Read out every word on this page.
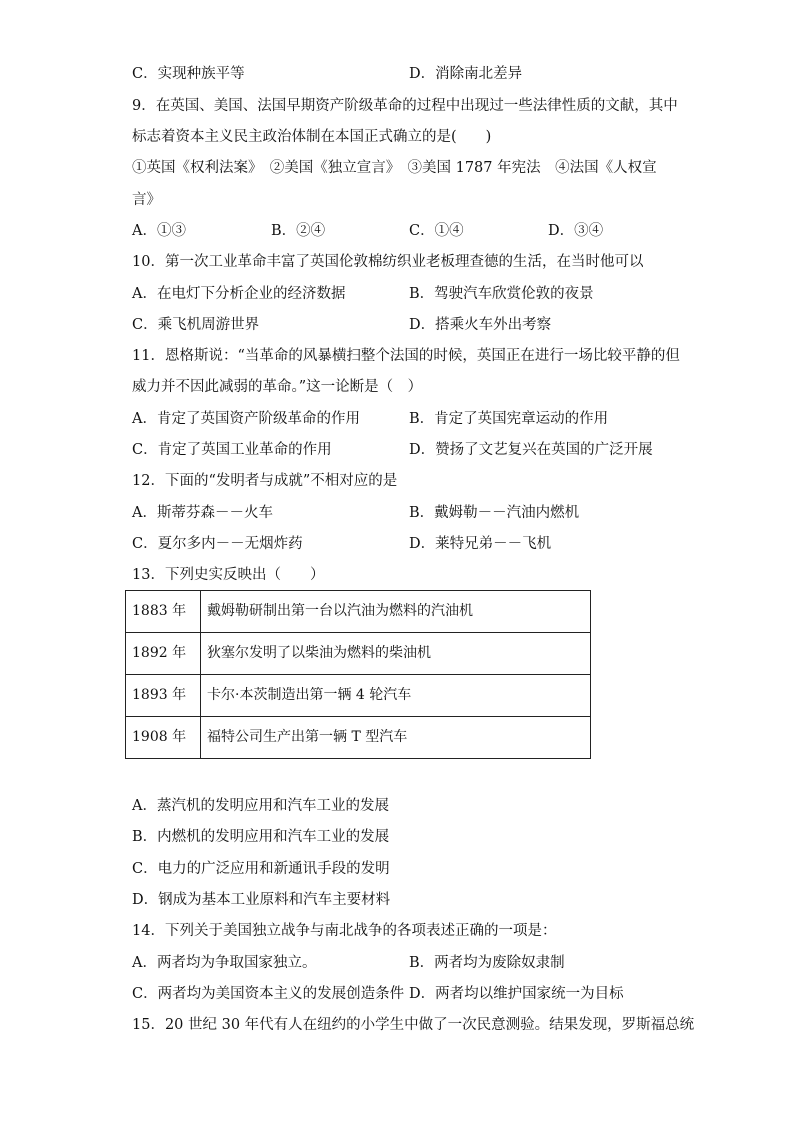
C．实现种族平等	D．消除南北差异
9．在英国、美国、法国早期资产阶级革命的过程中出现过一些法律性质的文献，其中
标志着资本主义民主政治体制在本国正式确立的是(　　)
①英国《权利法案》　②美国《独立宣言》　③美国 1787 年宪法　④法国《人权宣
言》
A．①③	B．②④	C．①④	D．③④
10．第一次工业革命丰富了英国伦敦棉纺织业老板理查德的生活，在当时他可以
A．在电灯下分析企业的经济数据	B．驾驶汽车欣赏伦敦的夜景
C．乘飞机周游世界	D．搭乘火车外出考察
11．恩格斯说：“当革命的风暴横扫整个法国的时候，英国正在进行一场比较平静的但
威力并不因此减弱的革命。”这一论断是（　）
A．肯定了英国资产阶级革命的作用	B．肯定了英国宪章运动的作用
C．肯定了英国工业革命的作用	D．赞扬了文艺复兴在英国的广泛开展
12．下面的“发明者与成就”不相对应的是
A．斯蒂芬森－－火车	B．戴姆勒－－汽油内燃机
C．夏尔多内－－无烟炸药	D．莱特兄弟－－飞机
13．下列史实反映出（　　）
1883 年	戴姆勒研制出第一台以汽油为燃料的汽油机
1892 年	狄塞尔发明了以柴油为燃料的柴油机
1893 年	卡尔·本茨制造出第一辆 4 轮汽车
1908 年	福特公司生产出第一辆 T 型汽车
A．蒸汽机的发明应用和汽车工业的发展
B．内燃机的发明应用和汽车工业的发展
C．电力的广泛应用和新通讯手段的发明
D．钢成为基本工业原料和汽车主要材料
14．下列关于美国独立战争与南北战争的各项表述正确的一项是：
A．两者均为争取国家独立。	B．两者均为废除奴隶制
C．两者均为美国资本主义的发展创造条件 D．两者均以维护国家统一为目标
15．20 世纪 30 年代有人在纽约的小学生中做了一次民意测验。结果发现，罗斯福总统
